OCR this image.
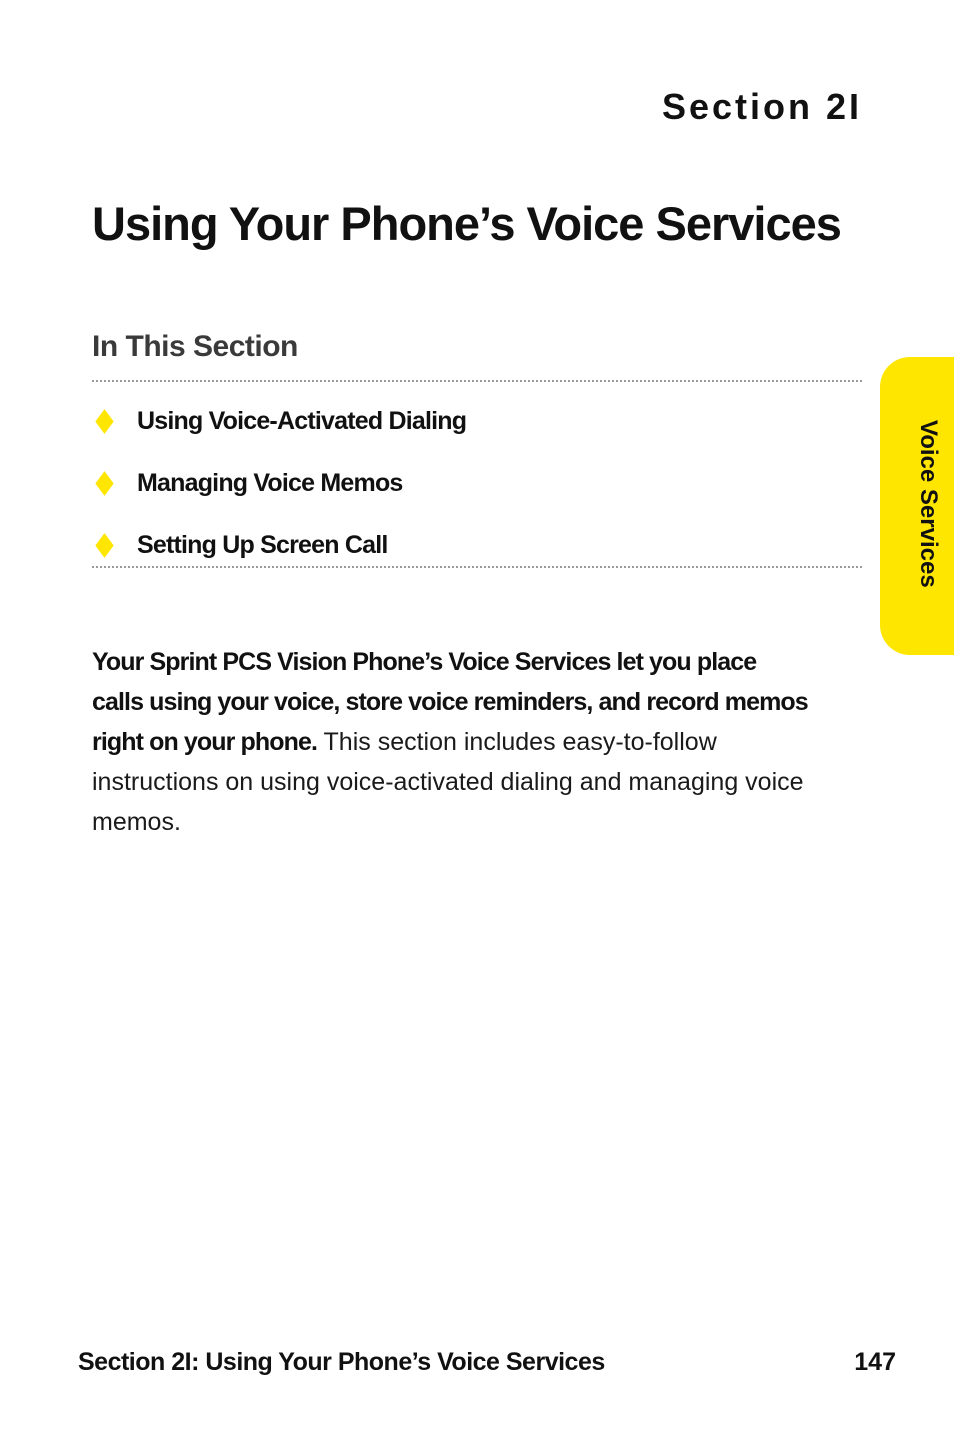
Section 2I
Using Your Phone’s Voice Services
In This Section
Using Voice-Activated Dialing
Managing Voice Memos
Setting Up Screen Call

Your Sprint PCS Vision Phone’s Voice Services let you place calls using your voice, store voice reminders, and record memos right on your phone. This section includes easy-to-follow instructions on using voice-activated dialing and managing voice memos.

Voice Services
Section 2I: Using Your Phone’s Voice Services	147
